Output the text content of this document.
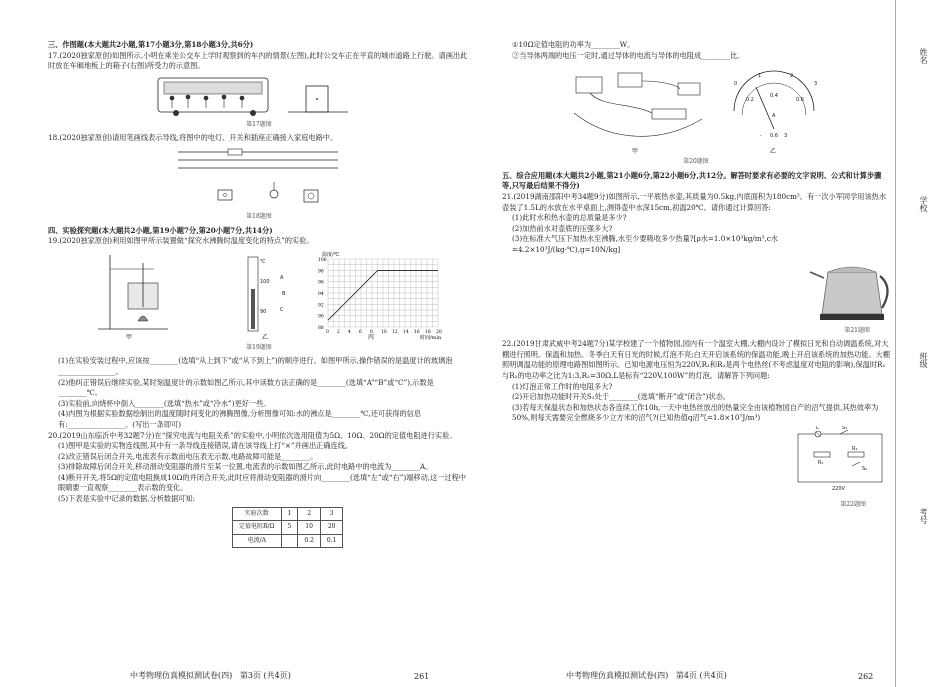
三、作图题(本大题共2小题,第17小题3分,第18小题3分,共6分)

17.(2020独家原创)如图所示,小明在乘坐公交车上学时观察到的车内的情景(左图),此时公交车正在平直的城市道路上行驶。请画出此时放在车厢地板上的箱子(右图)所受力的示意图。

第17题图

18.(2020独家原创)请用笔画线表示导线,将图中的电灯、开关和插座正确接入家庭电路中。

第18题图

四、实验探究题(本大题共2小题,第19小题7分,第20小题7分,共14分)

19.(2020独家原创)利用如图甲所示装置做“探究水沸腾时温度变化的特点”的实验。

℃
100
90
A
B
C
100
98
96
94
92
90
88
0 2 4 6 8 10 12 14 16 18 20
温度/℃
时间/min
甲	乙	丙
第19题图

(1)在实验安装过程中,应该按________(选填“从上到下”或“从下到上”)的顺序进行。如图甲所示,操作错误的是温度计的玻璃泡________________。

(2)他纠正错误后继续实验,某时刻温度计的示数如图乙所示,其中读数方法正确的是________(选填“A”“B”或“C”),示数是________℃。

(3)实验前,向烧杯中倒入________(选填“热水”或“冷水”)更好一些。

(4)内图为根据实验数据绘制出的温度随时间变化的沸腾图像,分析图像可知:水的沸点是________℃,还可获得的信息有:________________。(写出一条即可)

20.(2019山东临沂中考32题7分)在“探究电流与电阻关系”的实验中,小明依次选用阻值为5Ω、10Ω、20Ω的定值电阻进行实验。

(1)图甲是实验的实物连线图,其中有一条导线连接错误,请在该导线上打“×”并画出正确连线。

(2)改正错误后闭合开关,电流表有示数而电压表无示数,电路故障可能是________。

(3)排除故障后闭合开关,移动滑动变阻器的滑片至某一位置,电流表的示数如图乙所示,此时电路中的电流为________A。

(4)断开开关,将5Ω的定值电阻换成10Ω的并闭合开关,此时应将滑动变阻器的滑片向________(选填“左”或“右”)端移动,这一过程中眼睛要一直观察________表示数的变化。

(5)下表是实验中记录的数据,分析数据可知:

实验次数	1	2	3
定值电阻R/Ω	5	10	20
电流/A		0.2	0.1
中考物理仿真模拟测试卷(四) 第3页 (共4页)	261

①10Ω定值电阻的功率为________W。

②当导体两端的电压一定时,通过导体的电流与导体的电阻成________比。

0
1
0.2
2
0.4
3
0.6
A
- 0.6 3
甲	乙
第20题图

五、综合应用题(本大题共2小题,第21小题6分,第22小题6分,共12分。解答时要求有必要的文字说明、公式和计算步骤等,只写最后结果不得分)

21.(2019湖南邵阳中考34题9分)如图所示,一平底热水壶,其质量为0.5kg,内底面积为180cm²。有一次小军同学用该热水壶装了1.5L的水放在水平桌面上,测得壶中水深15cm,初温20℃。请你通过计算回答:

(1)此时水和热水壶的总质量是多少?

(2)加热前水对壶底的压强多大?

(3)在标准大气压下加热水至沸腾,水至少要吸收多少热量?[ρ水=1.0×10³kg/m³,c水=4.2×10³J/(kg·℃),g=10N/kg]

第21题图

22.(2019甘肃武威中考24题7分)某学校建了一个植物园,园内有一个温室大棚,大棚内设计了模拟日光和自动调温系统,对大棚进行照明、保温和加热。冬季白天有日光的时候,灯泡不亮;白天开启该系统的保温功能,晚上开启该系统的加热功能。大棚照明调温功能的原理电路图如图所示。已知电源电压恒为220V,R₁和R₂是两个电热丝(不考虑温度对电阻的影响),保温时R₁与R₂的电功率之比为1:3,R₂=30Ω,L是标有“220V,100W”的灯泡。请解答下列问题:

(1)灯泡正常工作时的电阻多大?

(2)开启加热功能时开关S₂处于________(选填“断开”或“闭合”)状态。

(3)若每天保温状态和加热状态各连续工作10h,一天中电热丝放出的热量完全由该植物园自产的沼气提供,其热效率为50%,则每天需要完全燃烧多少立方米的沼气?(已知热值q沼气=1.8×10⁷J/m³)

L	S₁
R₁
R₂
S₂
220V
第22题图
中考物理仿真模拟测试卷(四) 第4页 (共4页)	262
姓名
学校
班级
考号
